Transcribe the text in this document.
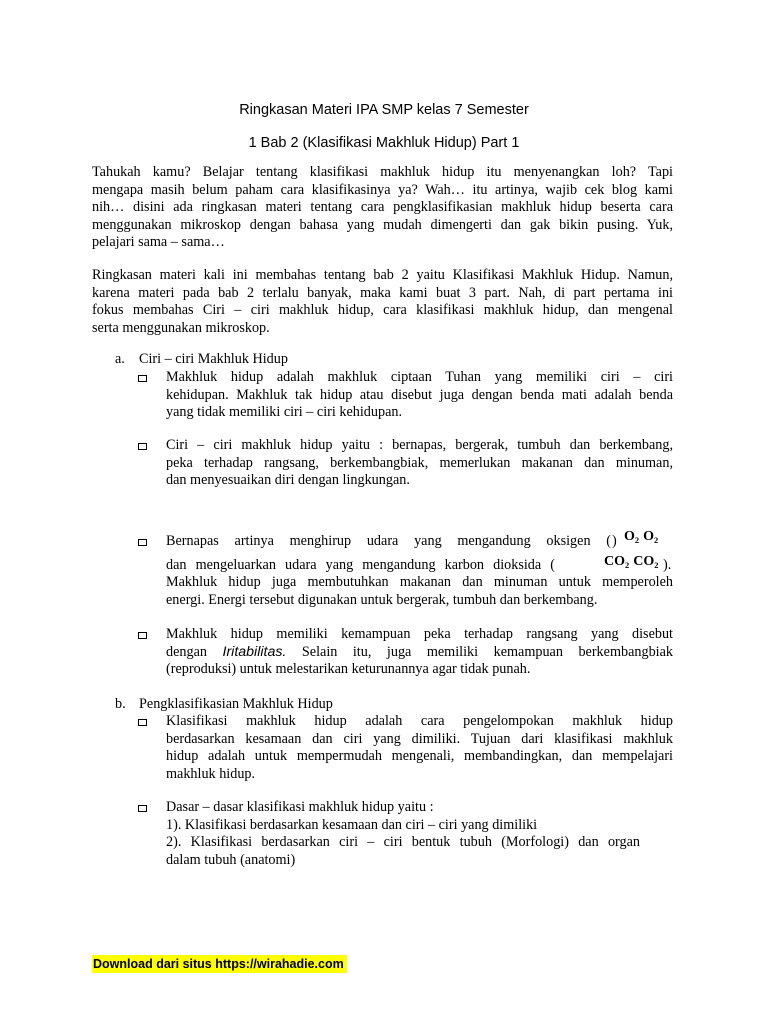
Ringkasan Materi IPA SMP kelas 7 Semester
1 Bab 2 (Klasifikasi Makhluk Hidup) Part 1
Tahukah kamu? Belajar tentang klasifikasi makhluk hidup itu menyenangkan loh? Tapi
mengapa masih belum paham cara klasifikasinya ya? Wah… itu artinya, wajib cek blog kami
nih… disini ada ringkasan materi tentang cara pengklasifikasian makhluk hidup beserta cara
menggunakan mikroskop dengan bahasa yang mudah dimengerti dan gak bikin pusing. Yuk,
pelajari sama – sama…
Ringkasan materi kali ini membahas tentang bab 2 yaitu Klasifikasi Makhluk Hidup. Namun,
karena materi pada bab 2 terlalu banyak, maka kami buat 3 part. Nah, di part pertama ini
fokus membahas Ciri – ciri makhluk hidup, cara klasifikasi makhluk hidup, dan mengenal
serta menggunakan mikroskop.
a. Ciri – ciri Makhluk Hidup
Makhluk hidup adalah makhluk ciptaan Tuhan yang memiliki ciri – ciri
kehidupan. Makhluk tak hidup atau disebut juga dengan benda mati adalah benda
yang tidak memiliki ciri – ciri kehidupan.
Ciri – ciri makhluk hidup yaitu : bernapas, bergerak, tumbuh dan berkembang,
peka terhadap rangsang, berkembangbiak, memerlukan makanan dan minuman,
dan menyesuaikan diri dengan lingkungan.
Bernapas artinya menghirup udara yang mengandung oksigen ( ) O₂ O₂
CO₂ CO₂
dan mengeluarkan udara yang mengandung karbon dioksida (	).
Makhluk hidup juga membutuhkan makanan dan minuman untuk memperoleh
energi. Energi tersebut digunakan untuk bergerak, tumbuh dan berkembang.
Makhluk hidup memiliki kemampuan peka terhadap rangsang yang disebut
dengan Iritabilitas. Selain itu, juga memiliki kemampuan berkembangbiak
(reproduksi) untuk melestarikan keturunannya agar tidak punah.
b. Pengklasifikasian Makhluk Hidup
Klasifikasi makhluk hidup adalah cara pengelompokan makhluk hidup
berdasarkan kesamaan dan ciri yang dimiliki. Tujuan dari klasifikasi makhluk
hidup adalah untuk mempermudah mengenali, membandingkan, dan mempelajari
makhluk hidup.
Dasar – dasar klasifikasi makhluk hidup yaitu :
1). Klasifikasi berdasarkan kesamaan dan ciri – ciri yang dimiliki
2). Klasifikasi berdasarkan ciri – ciri bentuk tubuh (Morfologi) dan organ
dalam tubuh (anatomi)
Download dari situs https://wirahadie.com
